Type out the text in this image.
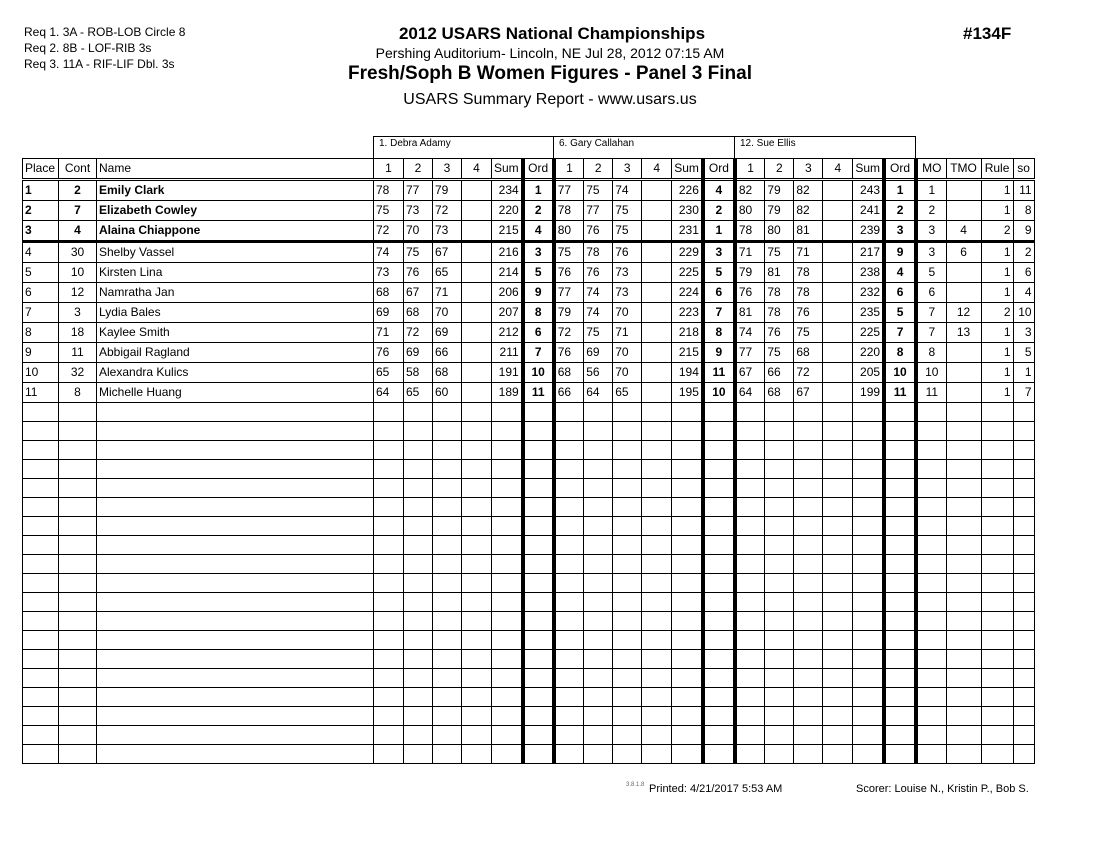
Req 1. 3A - ROB-LOB Circle 8
Req 2. 8B - LOF-RIB 3s
Req 3. 11A - RIF-LIF Dbl. 3s
2012 USARS National Championships
Pershing Auditorium- Lincoln, NE Jul 28, 2012 07:15 AM
Fresh/Soph B Women Figures - Panel 3 Final
USARS Summary Report - www.usars.us
#134F
1. Debra Adamy	6. Gary Callahan	12. Sue Ellis
Place	Cont	Name	1	2	3	4	Sum	Ord	1	2	3	4	Sum	Ord	1	2	3	4	Sum	Ord	MO	TMO	Rule	so
1	2	Emily Clark	78	77	79		234	1	77	75	74		226	4	82	79	82		243	1	1		1	11
2	7	Elizabeth Cowley	75	73	72		220	2	78	77	75		230	2	80	79	82		241	2	2		1	8
3	4	Alaina Chiappone	72	70	73		215	4	80	76	75		231	1	78	80	81		239	3	3	4	2	9
4	30	Shelby Vassel	74	75	67		216	3	75	78	76		229	3	71	75	71		217	9	3	6	1	2
5	10	Kirsten Lina	73	76	65		214	5	76	76	73		225	5	79	81	78		238	4	5		1	6
6	12	Namratha Jan	68	67	71		206	9	77	74	73		224	6	76	78	78		232	6	6		1	4
7	3	Lydia Bales	69	68	70		207	8	79	74	70		223	7	81	78	76		235	5	7	12	2	10
8	18	Kaylee Smith	71	72	69		212	6	72	75	71		218	8	74	76	75		225	7	7	13	1	3
9	11	Abbigail Ragland	76	69	66		211	7	76	69	70		215	9	77	75	68		220	8	8		1	5
10	32	Alexandra Kulics	65	58	68		191	10	68	56	70		194	11	67	66	72		205	10	10		1	1
11	8	Michelle Huang	64	65	60		189	11	66	64	65		195	10	64	68	67		199	11	11		1	7

3.8.1.8 Printed: 4/21/2017 5:53 AM	Scorer: Louise N., Kristin P., Bob S.
